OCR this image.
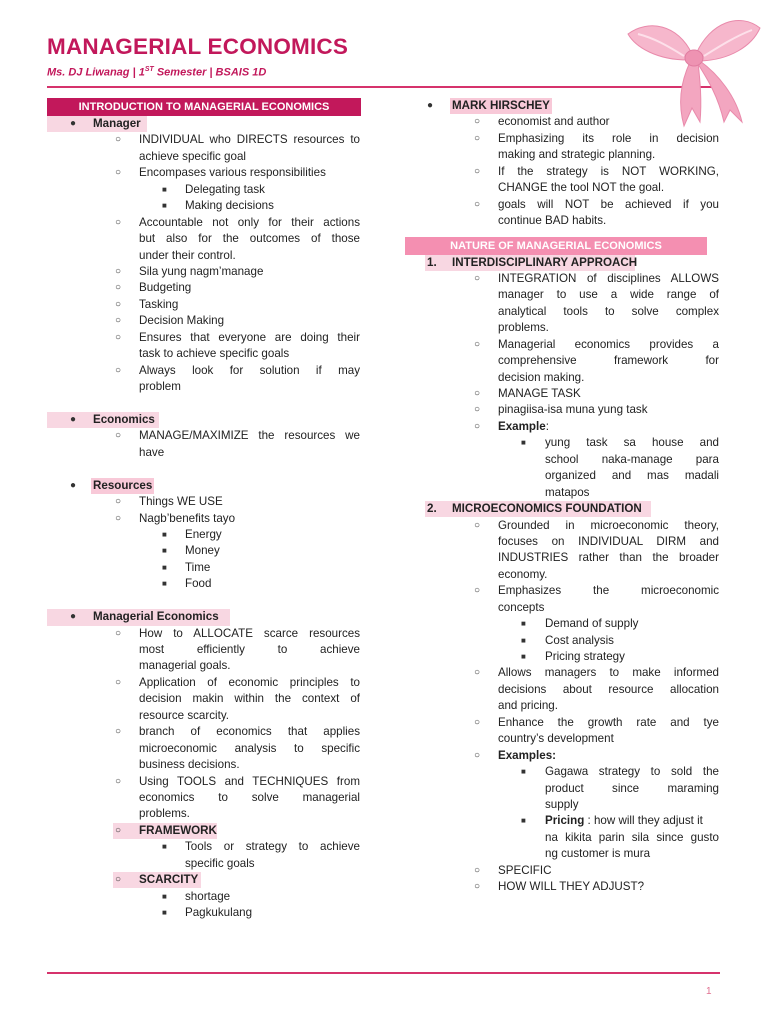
MANAGERIAL ECONOMICS
Ms. DJ Liwanag | 1ST Semester | BSAIS 1D
INTRODUCTION TO MANAGERIAL ECONOMICS
● Manager
○ INDIVIDUAL who DIRECTS resources to
achieve specific goal
○ Encompases various responsibilities
■ Delegating task
■ Making decisions
○ Accountable not only for their actions
but also for the outcomes of those
under their control.
○ Sila yung nagm’manage
○ Budgeting
○ Tasking
○ Decision Making
○ Ensures that everyone are doing their
task to achieve specific goals
○ Always look for solution if may
problem
● Economics
○ MANAGE/MAXIMIZE the resources we
have
● Resources
○ Things WE USE
○ Nagb’benefits tayo
■ Energy
■ Money
■ Time
■ Food
● Managerial Economics
○ How to ALLOCATE scarce resources
most efficiently to achieve
managerial goals.
○ Application of economic principles to
decision makin within the context of
resource scarcity.
○ branch of economics that applies
microeconomic analysis to specific
business decisions.
○ Using TOOLS and TECHNIQUES from
economics to solve managerial
problems.
○ FRAMEWORK
■ Tools or strategy to achieve
specific goals
○ SCARCITY
■ shortage
■ Pagkukulang
● MARK HIRSCHEY
○ economist and author
○ Emphasizing its role in decision
making and strategic planning.
○ If the strategy is NOT WORKING,
CHANGE the tool NOT the goal.
○ goals will NOT be achieved if you
continue BAD habits.
NATURE OF MANAGERIAL ECONOMICS
1. INTERDISCIPLINARY APPROACH
○ INTEGRATION of disciplines ALLOWS
manager to use a wide range of
analytical tools to solve complex
problems.
○ Managerial economics provides a
comprehensive framework for
decision making.
○ MANAGE TASK
○ pinagiisa-isa muna yung task
○ Example:
■ yung task sa house and
school naka-manage para
organized and mas madali
matapos
2. MICROECONOMICS FOUNDATION
○ Grounded in microeconomic theory,
focuses on INDIVIDUAL DIRM and
INDUSTRIES rather than the broader
economy.
○ Emphasizes the microeconomic
concepts
■ Demand of supply
■ Cost analysis
■ Pricing strategy
○ Allows managers to make informed
decisions about resource allocation
and pricing.
○ Enhance the growth rate and tye
country’s development
○ Examples:
■ Gagawa strategy to sold the
product since maraming
supply
■ Pricing : how will they adjust it
na kikita parin sila since gusto
ng customer is mura
○ SPECIFIC
○ HOW WILL THEY ADJUST?
1
